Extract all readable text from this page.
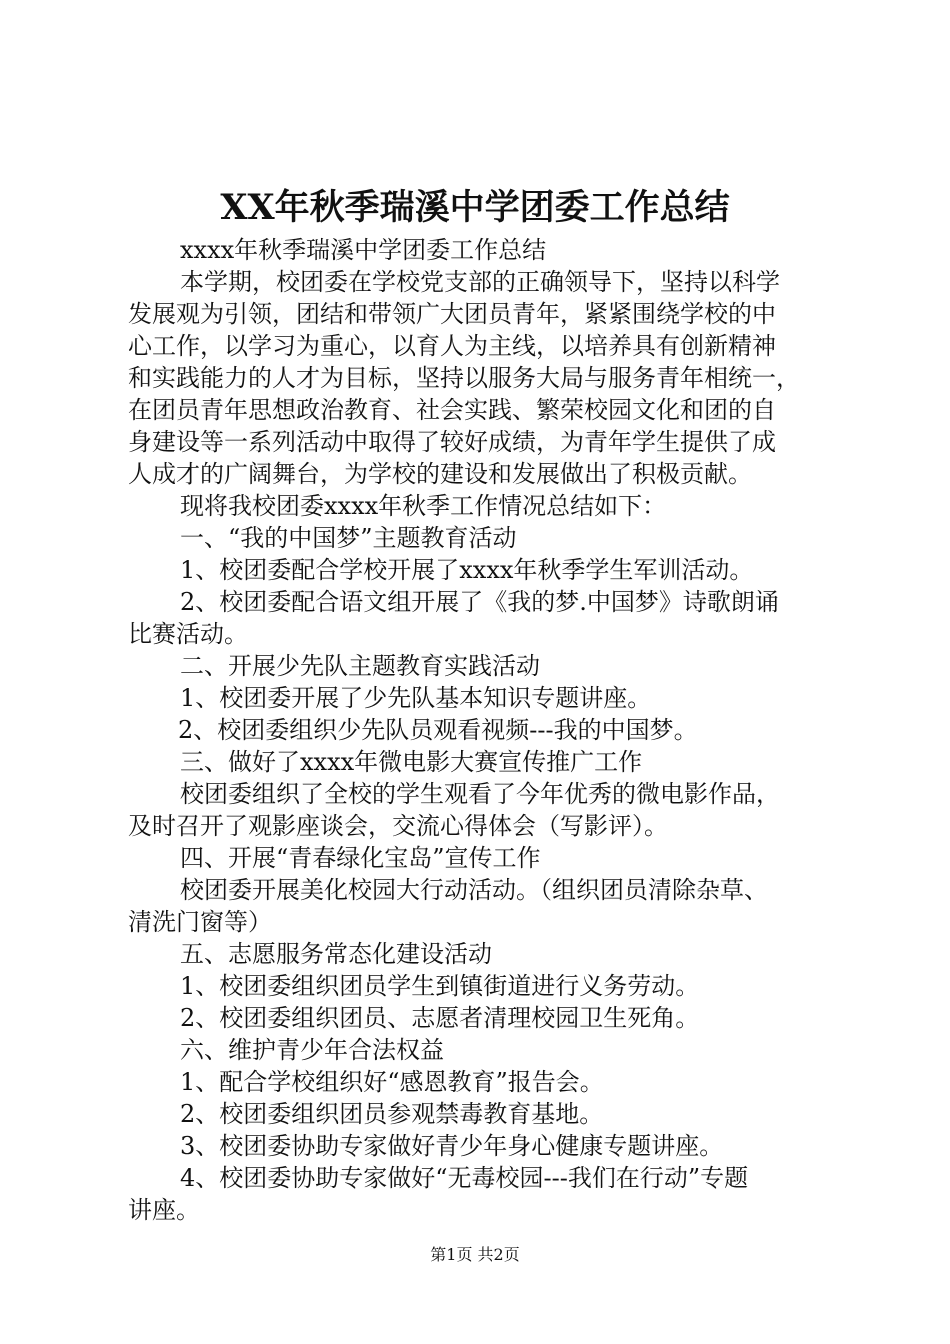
XX年秋季瑞溪中学团委工作总结
xxxx年秋季瑞溪中学团委工作总结
本学期，校团委在学校党支部的正确领导下，坚持以科学
发展观为引领，团结和带领广大团员青年，紧紧围绕学校的中
心工作，以学习为重心，以育人为主线，以培养具有创新精神
和实践能力的人才为目标，坚持以服务大局与服务青年相统一，
在团员青年思想政治教育、社会实践、繁荣校园文化和团的自
身建设等一系列活动中取得了较好成绩，为青年学生提供了成
人成才的广阔舞台，为学校的建设和发展做出了积极贡献。
现将我校团委xxxx年秋季工作情况总结如下：
一、“我的中国梦”主题教育活动
1、校团委配合学校开展了xxxx年秋季学生军训活动。
2、校团委配合语文组开展了《我的梦.中国梦》诗歌朗诵
比赛活动。
二、开展少先队主题教育实践活动
1、校团委开展了少先队基本知识专题讲座。
2、校团委组织少先队员观看视频---我的中国梦。
三、做好了xxxx年微电影大赛宣传推广工作
校团委组织了全校的学生观看了今年优秀的微电影作品，
及时召开了观影座谈会，交流心得体会（写影评）。
四、开展“青春绿化宝岛”宣传工作
校团委开展美化校园大行动活动。（组织团员清除杂草、
清洗门窗等）
五、志愿服务常态化建设活动
1、校团委组织团员学生到镇街道进行义务劳动。
2、校团委组织团员、志愿者清理校园卫生死角。
六、维护青少年合法权益
1、配合学校组织好“感恩教育”报告会。
2、校团委组织团员参观禁毒教育基地。
3、校团委协助专家做好青少年身心健康专题讲座。
4、校团委协助专家做好“无毒校园---我们在行动”专题
讲座。
第1页 共2页
